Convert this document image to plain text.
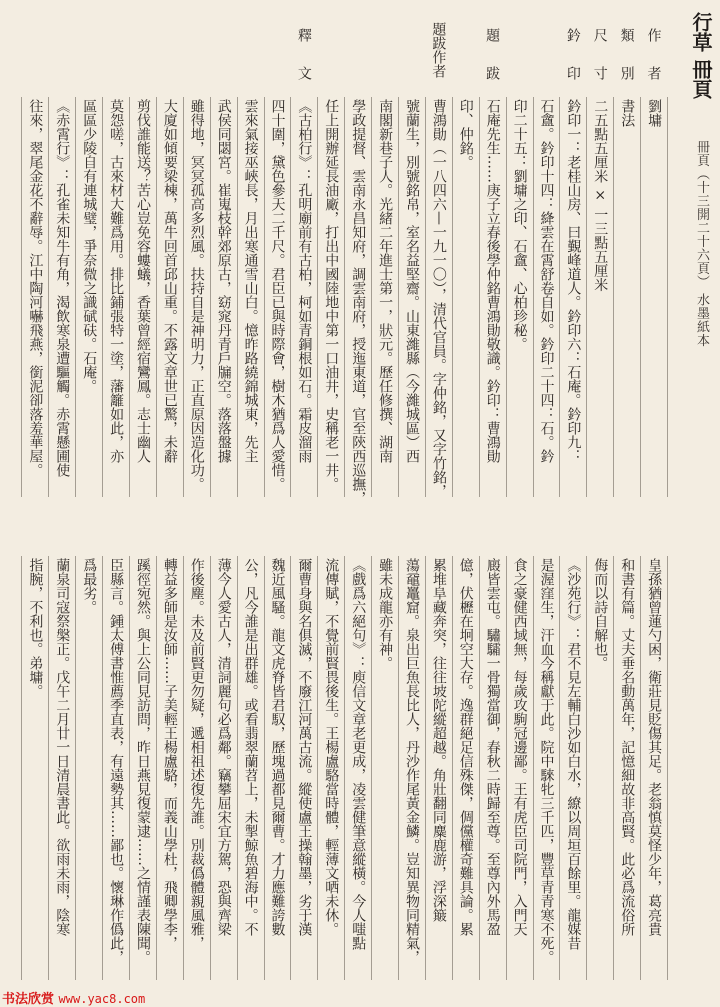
行草 冊頁
冊頁（十三開二十六頁） 水墨紙本
劉墉
書法
二五點五厘米 × 一三點五厘米
鈐印一：老桂山房、曰覲峰道人。鈐印六：石庵。鈐印九：
石盦。鈐印十四：絳雲在霄舒卷自如。鈐印二十四：石。鈐
印二十五：劉墉之印、石盦、心柏珍秘。
石庵先生……庚子立春後學仲銘曹鴻勛敬識。鈐印：曹鴻勛
印、仲銘。
曹鴻勛（一八四六—一九一〇），清代官員。字仲銘，又字竹銘，
號蘭生，別號銘帛，室名益堅齋。山東濰縣（今濰城區）西
南閣新巷子人。光緒二年進士第一，狀元。歷任修撰、湖南
學政提督、雲南永昌知府，調雲南府，授迤東道，官至陝西巡撫，
任上開辦延長油廠，打出中國陸地中第一口油井，史稱老一井。
《古柏行》：孔明廟前有古柏，柯如青銅根如石。霜皮溜雨
四十圍，黛色參天二千尺。君臣已與時際會，樹木猶爲人愛惜。
雲來氣接巫峽長，月出寒通雪山白。憶昨路繞錦城東，先主
武侯同閟宮。崔嵬枝幹郊原古，窈窕丹青戶牖空。落落盤據
雖得地，冥冥孤高多烈風。扶持自是神明力，正直原因造化功。
大廈如傾要梁棟，萬牛回首邱山重。不露文章世已驚，未辭
剪伐誰能送？苦心豈免容螻蟻，香葉曾經宿鸞鳳。志士幽人
莫怨嗟，古來材大難爲用。排比鋪張特一塗，藩籬如此，亦
區區少陵自有連城璧，爭奈微之識碔砆。石庵。
《赤霄行》：孔雀未知牛有角，渴飲寒泉遭驅觸。赤霄懸圃使
往來，翠尾金花不辭辱。江中陶河嚇飛燕，銜泥卻落羞華屋。
作者
類別
尺寸
鈐印
題跋
題跋作者
釋文
皇孫猶曾蓮勺困，衛莊見貶傷其足。老翁慎莫怪少年，葛亮貴
和書有篇。丈夫垂名動萬年，記憶細故非高賢。此必爲流俗所
侮而以詩自解也。
《沙苑行》：君不見左輔白沙如白水，繚以周垣百餘里。龍媒昔
是渥窪生，汗血今稱獻于此。院中騋牝三千匹，豐草青青寒不死。
食之豪健西域無，每歲攻駒冠邊鄙。王有虎臣司院門，入門天
廄皆雲屯。驌驦一骨獨當御，春秋二時歸至尊。至尊內外馬盈
億，伏櫪在坰空大存。逸群絕足信殊傑，倜儻權奇難具論。累
累堆阜藏奔突，往往坡陀縱超越。角壯翻同麋鹿游，浮深簸
蕩黿鼉窟。泉出巨魚長比人，丹沙作尾黃金鱗。豈知異物同精氣，
雖未成龍亦有神。
《戲爲六絕句》：庾信文章老更成，凌雲健筆意縱橫。今人嗤點
流傳賦，不覺前賢畏後生。王楊盧駱當時體，輕薄文哂未休。
爾曹身與名俱滅，不廢江河萬古流。縱使盧王操翰墨，劣于漢
魏近風騷。龍文虎脊皆君馭，歷塊過都見爾曹。才力應難誇數
公，凡今誰是出群雄。或看翡翠蘭苕上，未掣鯨魚碧海中。不
薄今人愛古人，清詞麗句必爲鄰。竊攀屈宋宜方駕，恐與齊梁
作後塵。未及前賢更勿疑，遞相祖述復先誰。別裁僞體親風雅，
轉益多師是汝師……子美輕王楊盧駱，而義山學杜，飛卿學李，
蹊徑宛然。與上公同見訪問，昨日燕見復蒙逮……之情謹表陳聞。
臣縣言。鍾太傅書惟薦季直表，有遠勢其……鄙也。懷琳作僞此，
爲最劣。
蘭泉司寇祭槃正。戊午二月廿一日清晨書此。欲雨未雨，陰寒
指腕，不利也。弟墉。
书法欣赏 www.yac8.com
